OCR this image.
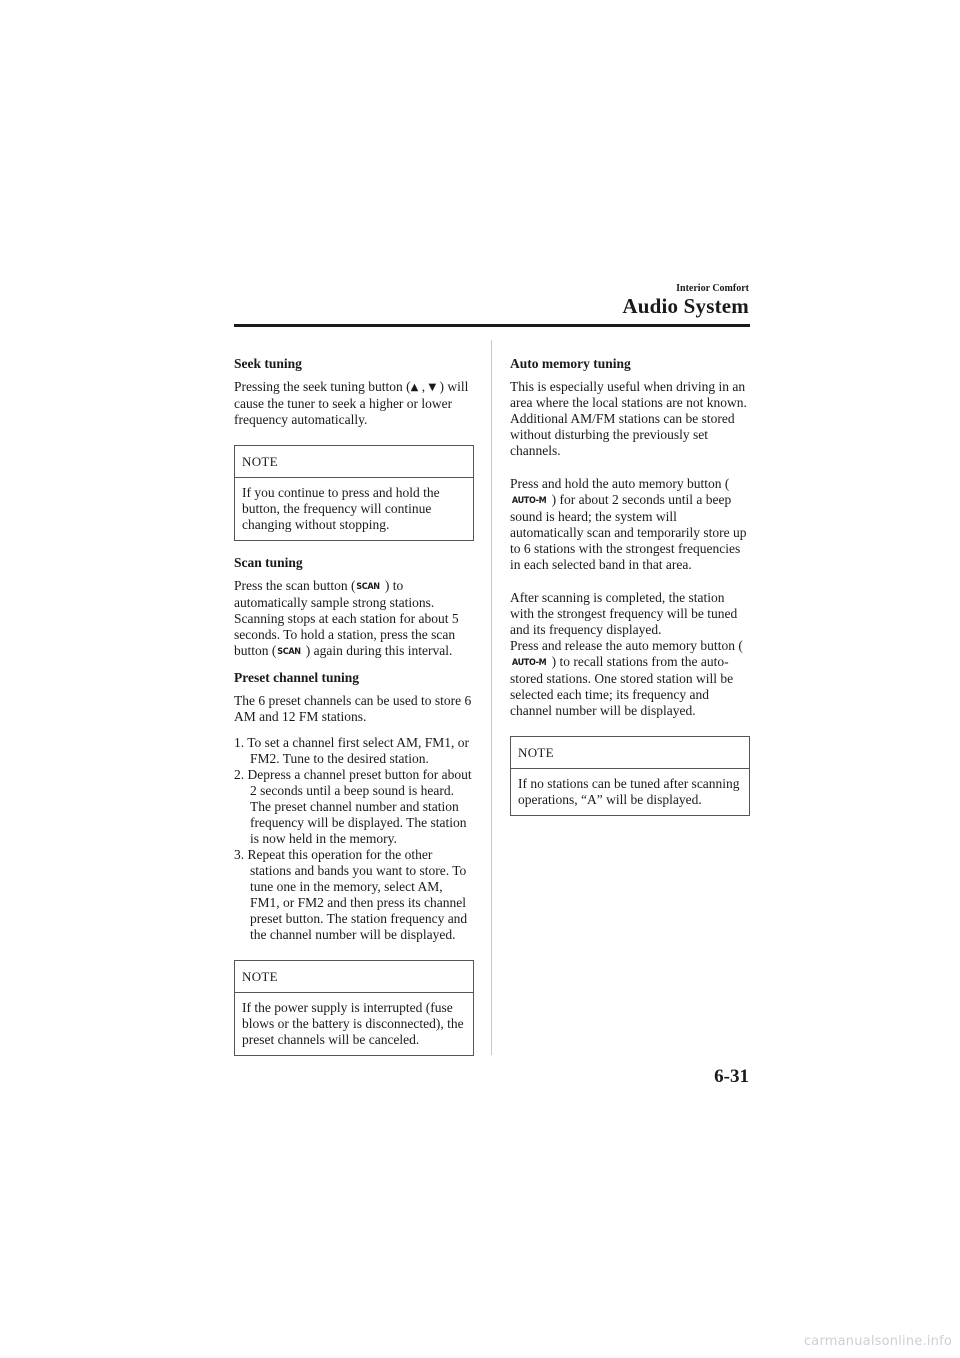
Interior Comfort
Audio System

Seek tuning

Pressing the seek tuning button (▲ , ▼ ) will cause the tuner to seek a higher or lower frequency automatically.

NOTE
If you continue to press and hold the button, the frequency will continue changing without stopping.

Scan tuning

Press the scan button (SCAN ) to automatically sample strong stations. Scanning stops at each station for about 5 seconds. To hold a station, press the scan button (SCAN ) again during this interval.

Preset channel tuning

The 6 preset channels can be used to store 6 AM and 12 FM stations.

1. To set a channel first select AM, FM1, or FM2. Tune to the desired station.

2. Depress a channel preset button for about 2 seconds until a beep sound is heard. The preset channel number and station frequency will be displayed. The station is now held in the memory.

3. Repeat this operation for the other stations and bands you want to store. To tune one in the memory, select AM, FM1, or FM2 and then press its channel preset button. The station frequency and the channel number will be displayed.

NOTE
If the power supply is interrupted (fuse blows or the battery is disconnected), the preset channels will be canceled.

Auto memory tuning

This is especially useful when driving in an area where the local stations are not known. Additional AM/FM stations can be stored without disturbing the previously set channels.

Press and hold the auto memory button (AUTO-M ) for about 2 seconds until a beep sound is heard; the system will automatically scan and temporarily store up to 6 stations with the strongest frequencies in each selected band in that area.

After scanning is completed, the station with the strongest frequency will be tuned and its frequency displayed.

Press and release the auto memory button (AUTO-M ) to recall stations from the auto-stored stations. One stored station will be selected each time; its frequency and channel number will be displayed.

NOTE
If no stations can be tuned after scanning operations, “A” will be displayed.
6-31
carmanualsonline.info
